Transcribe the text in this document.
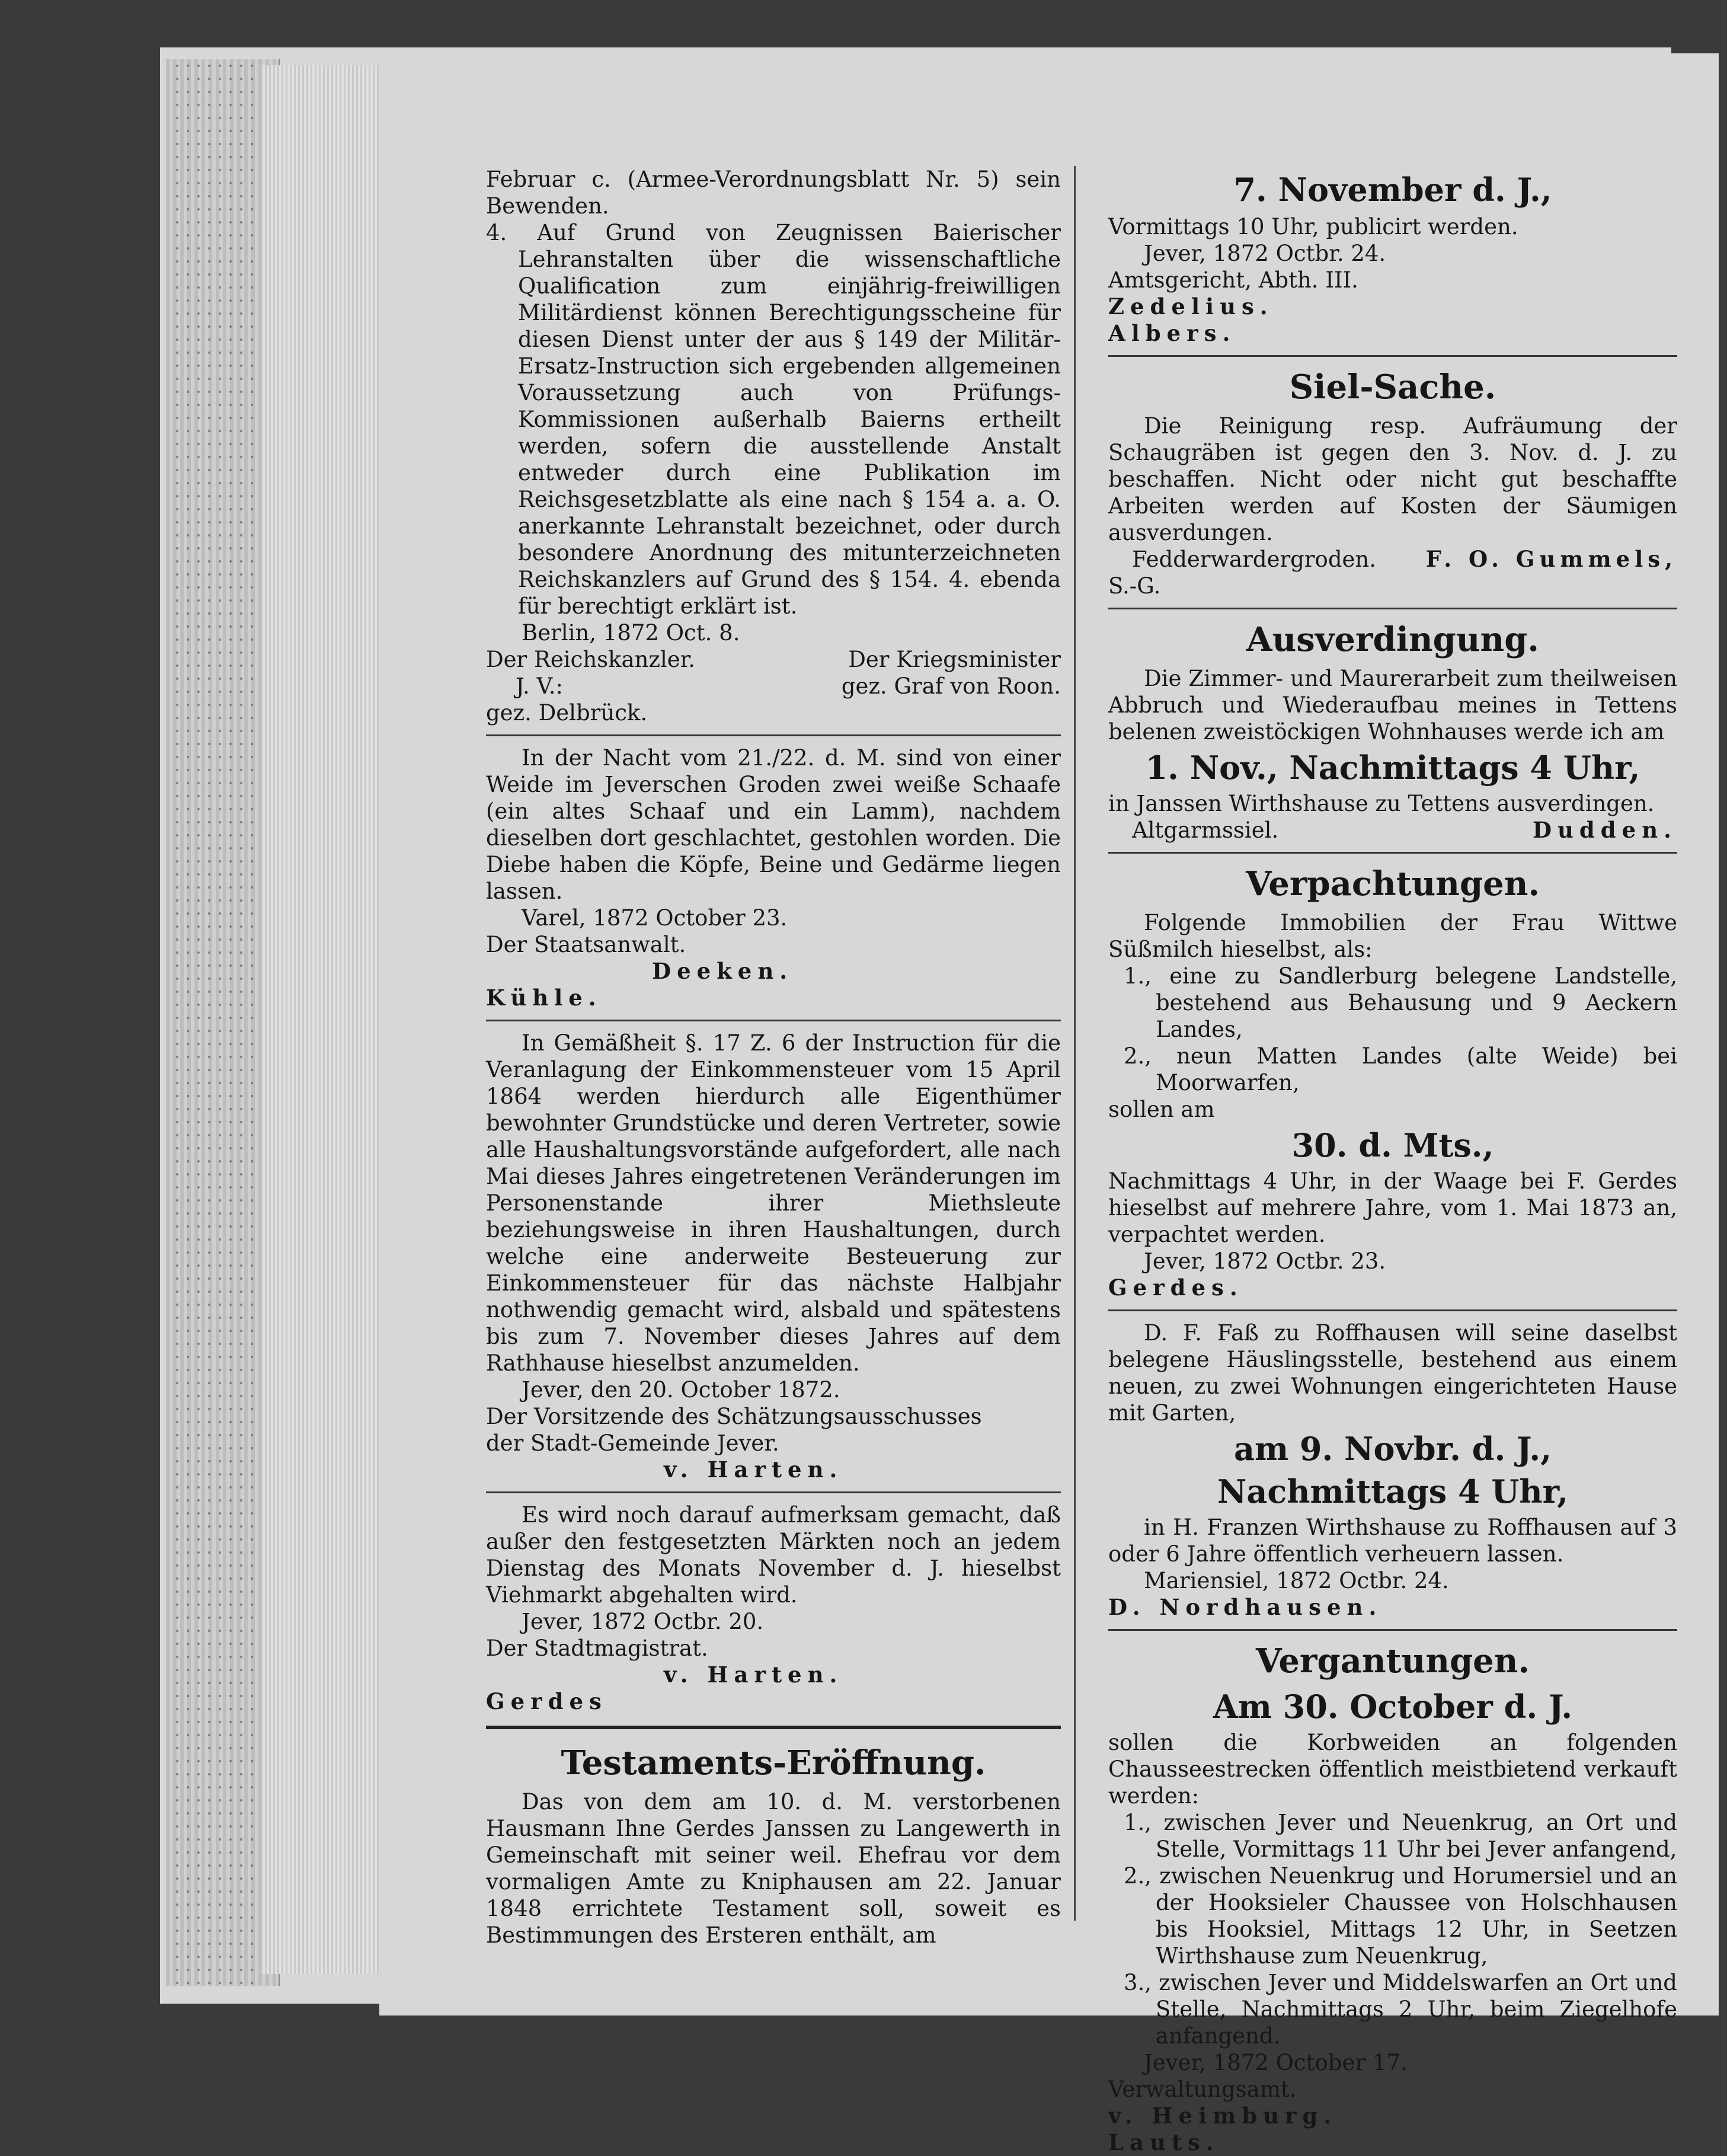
Februar c. (Armee-Verordnungsblatt Nr. 5) sein Bewenden.

4. Auf Grund von Zeugnissen Baierischer Lehranstalten über die wissenschaftliche Qualification zum einjährig-freiwilligen Militärdienst können Berechtigungsscheine für diesen Dienst unter der aus § 149 der Militär-Ersatz-Instruction sich ergebenden allgemeinen Voraussetzung auch von Prüfungs-Kommissionen außerhalb Baierns ertheilt werden, sofern die ausstellende Anstalt entweder durch eine Publikation im Reichsgesetzblatte als eine nach § 154 a. a. O. anerkannte Lehranstalt bezeichnet, oder durch besondere Anordnung des mitunterzeichneten Reichskanzlers auf Grund des § 154. 4. ebenda für berechtigt erklärt ist.

Berlin, 1872 Oct. 8.

Der Reichskanzler.	Der Kriegsminister
J. V.:	gez. Graf von Roon.

gez. Delbrück.

In der Nacht vom 21./22. d. M. sind von einer Weide im Jeverschen Groden zwei weiße Schaafe (ein altes Schaaf und ein Lamm), nachdem dieselben dort geschlachtet, gestohlen worden. Die Diebe haben die Köpfe, Beine und Gedärme liegen lassen.

Varel, 1872 October 23.

Der Staatsanwalt.

Deeken.

Kühle.

In Gemäßheit §. 17 Z. 6 der Instruction für die Veranlagung der Einkommensteuer vom 15 April 1864 werden hierdurch alle Eigenthümer bewohnter Grundstücke und deren Vertreter, sowie alle Haushaltungsvorstände aufgefordert, alle nach Mai dieses Jahres eingetretenen Veränderungen im Personenstande ihrer Miethsleute beziehungsweise in ihren Haushaltungen, durch welche eine anderweite Besteuerung zur Einkommensteuer für das nächste Halbjahr nothwendig gemacht wird, alsbald und spätestens bis zum 7. November dieses Jahres auf dem Rathhause hieselbst anzumelden.

Jever, den 20. October 1872.

Der Vorsitzende des Schätzungsausschusses

der Stadt-Gemeinde Jever.

v. Harten.

Es wird noch darauf aufmerksam gemacht, daß außer den festgesetzten Märkten noch an jedem Dienstag des Monats November d. J. hieselbst Viehmarkt abgehalten wird.

Jever, 1872 Octbr. 20.

Der Stadtmagistrat.

v. Harten.

Gerdes

Testaments-Eröffnung.

Das von dem am 10. d. M. verstorbenen Hausmann Ihne Gerdes Janssen zu Langewerth in Gemeinschaft mit seiner weil. Ehefrau vor dem vormaligen Amte zu Kniphausen am 22. Januar 1848 errichtete Testament soll, soweit es Bestimmungen des Ersteren enthält, am

7. November d. J.,

Vormittags 10 Uhr, publicirt werden.

Jever, 1872 Octbr. 24.

Amtsgericht, Abth. III.

Zedelius.

Albers.

Siel-Sache.

Die Reinigung resp. Aufräumung der Schaugräben ist gegen den 3. Nov. d. J. zu beschaffen. Nicht oder nicht gut beschaffte Arbeiten werden auf Kosten der Säumigen ausverdungen.

Fedderwardergroden. F. O. Gummels,

S.-G.

Ausverdingung.

Die Zimmer- und Maurerarbeit zum theilweisen Abbruch und Wiederaufbau meines in Tettens belenen zweistöckigen Wohnhauses werde ich am

1. Nov., Nachmittags 4 Uhr,

in Janssen Wirthshause zu Tettens ausverdingen.

Altgarmssiel.	Dudden.
Verpachtungen.

Folgende Immobilien der Frau Wittwe Süßmilch hieselbst, als:

1., eine zu Sandlerburg belegene Landstelle, bestehend aus Behausung und 9 Aeckern Landes,

2., neun Matten Landes (alte Weide) bei Moorwarfen,

sollen am

30. d. Mts.,

Nachmittags 4 Uhr, in der Waage bei F. Gerdes hieselbst auf mehrere Jahre, vom 1. Mai 1873 an, verpachtet werden.

Jever, 1872 Octbr. 23.

Gerdes.

D. F. Faß zu Roffhausen will seine daselbst belegene Häuslingsstelle, bestehend aus einem neuen, zu zwei Wohnungen eingerichteten Hause mit Garten,

am 9. Novbr. d. J.,

Nachmittags 4 Uhr,

in H. Franzen Wirthshause zu Roffhausen auf 3 oder 6 Jahre öffentlich verheuern lassen.

Mariensiel, 1872 Octbr. 24.

D. Nordhausen.

Vergantungen.

Am 30. October d. J.

sollen die Korbweiden an folgenden Chausseestrecken öffentlich meistbietend verkauft werden:

1., zwischen Jever und Neuenkrug, an Ort und Stelle, Vormittags 11 Uhr bei Jever anfangend,

2., zwischen Neuenkrug und Horumersiel und an der Hooksieler Chaussee von Holschhausen bis Hooksiel, Mittags 12 Uhr, in Seetzen Wirthshause zum Neuenkrug,

3., zwischen Jever und Middelswarfen an Ort und Stelle, Nachmittags 2 Uhr, beim Ziegelhofe anfangend.

Jever, 1872 October 17.

Verwaltungsamt.

v. Heimburg.

Lauts.
